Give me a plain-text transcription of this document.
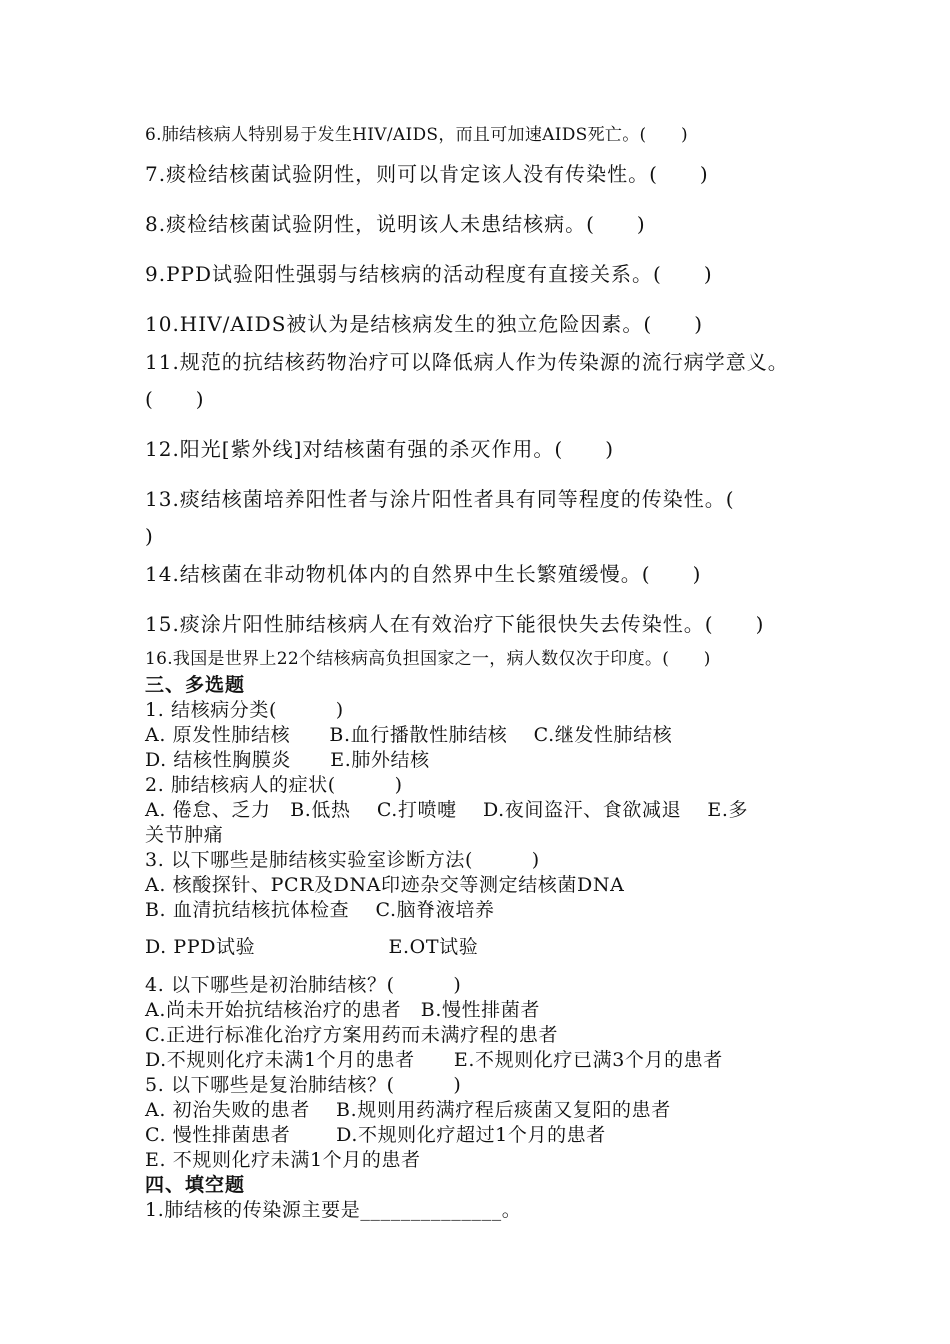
6.肺结核病人特别易于发生HIV/AIDS，而且可加速AIDS死亡。(　　)
7.痰检结核菌试验阴性，则可以肯定该人没有传染性。(　　)
8.痰检结核菌试验阴性，说明该人未患结核病。(　　)
9.PPD试验阳性强弱与结核病的活动程度有直接关系。(　　)
10.HIV/AIDS被认为是结核病发生的独立危险因素。(　　)
11.规范的抗结核药物治疗可以降低病人作为传染源的流行病学意义。
(　　)
12.阳光[紫外线]对结核菌有强的杀灭作用。(　　)
13.痰结核菌培养阳性者与涂片阳性者具有同等程度的传染性。(
)
14.结核菌在非动物机体内的自然界中生长繁殖缓慢。(　　)
15.痰涂片阳性肺结核病人在有效治疗下能很快失去传染性。(　　)
16.我国是世界上22个结核病高负担国家之一，病人数仅次于印度。(　　)
三、多选题
1. 结核病分类(　　　)
A. 原发性肺结核　　B.血行播散性肺结核　 C.继发性肺结核
D. 结核性胸膜炎　　E.肺外结核
2. 肺结核病人的症状(　　　)
A. 倦怠、乏力　B.低热　 C.打喷嚏　 D.夜间盗汗、食欲减退　 E.多
关节肿痛
3. 以下哪些是肺结核实验室诊断方法(　　　)
A. 核酸探针、PCR及DNA印迹杂交等测定结核菌DNA
B. 血清抗结核抗体检查　 C.脑脊液培养
D. PPD试验	E.OT试验
4. 以下哪些是初治肺结核？(　　　)
A.尚未开始抗结核治疗的患者　B.慢性排菌者
C.正进行标准化治疗方案用药而未满疗程的患者
D.不规则化疗未满1个月的患者　　E.不规则化疗已满3个月的患者
5. 以下哪些是复治肺结核？(　　　)
A. 初治失败的患者　 B.规则用药满疗程后痰菌又复阳的患者
C. 慢性排菌患者　　 D.不规则化疗超过1个月的患者
E. 不规则化疗未满1个月的患者
四、填空题
1.肺结核的传染源主要是______________。
